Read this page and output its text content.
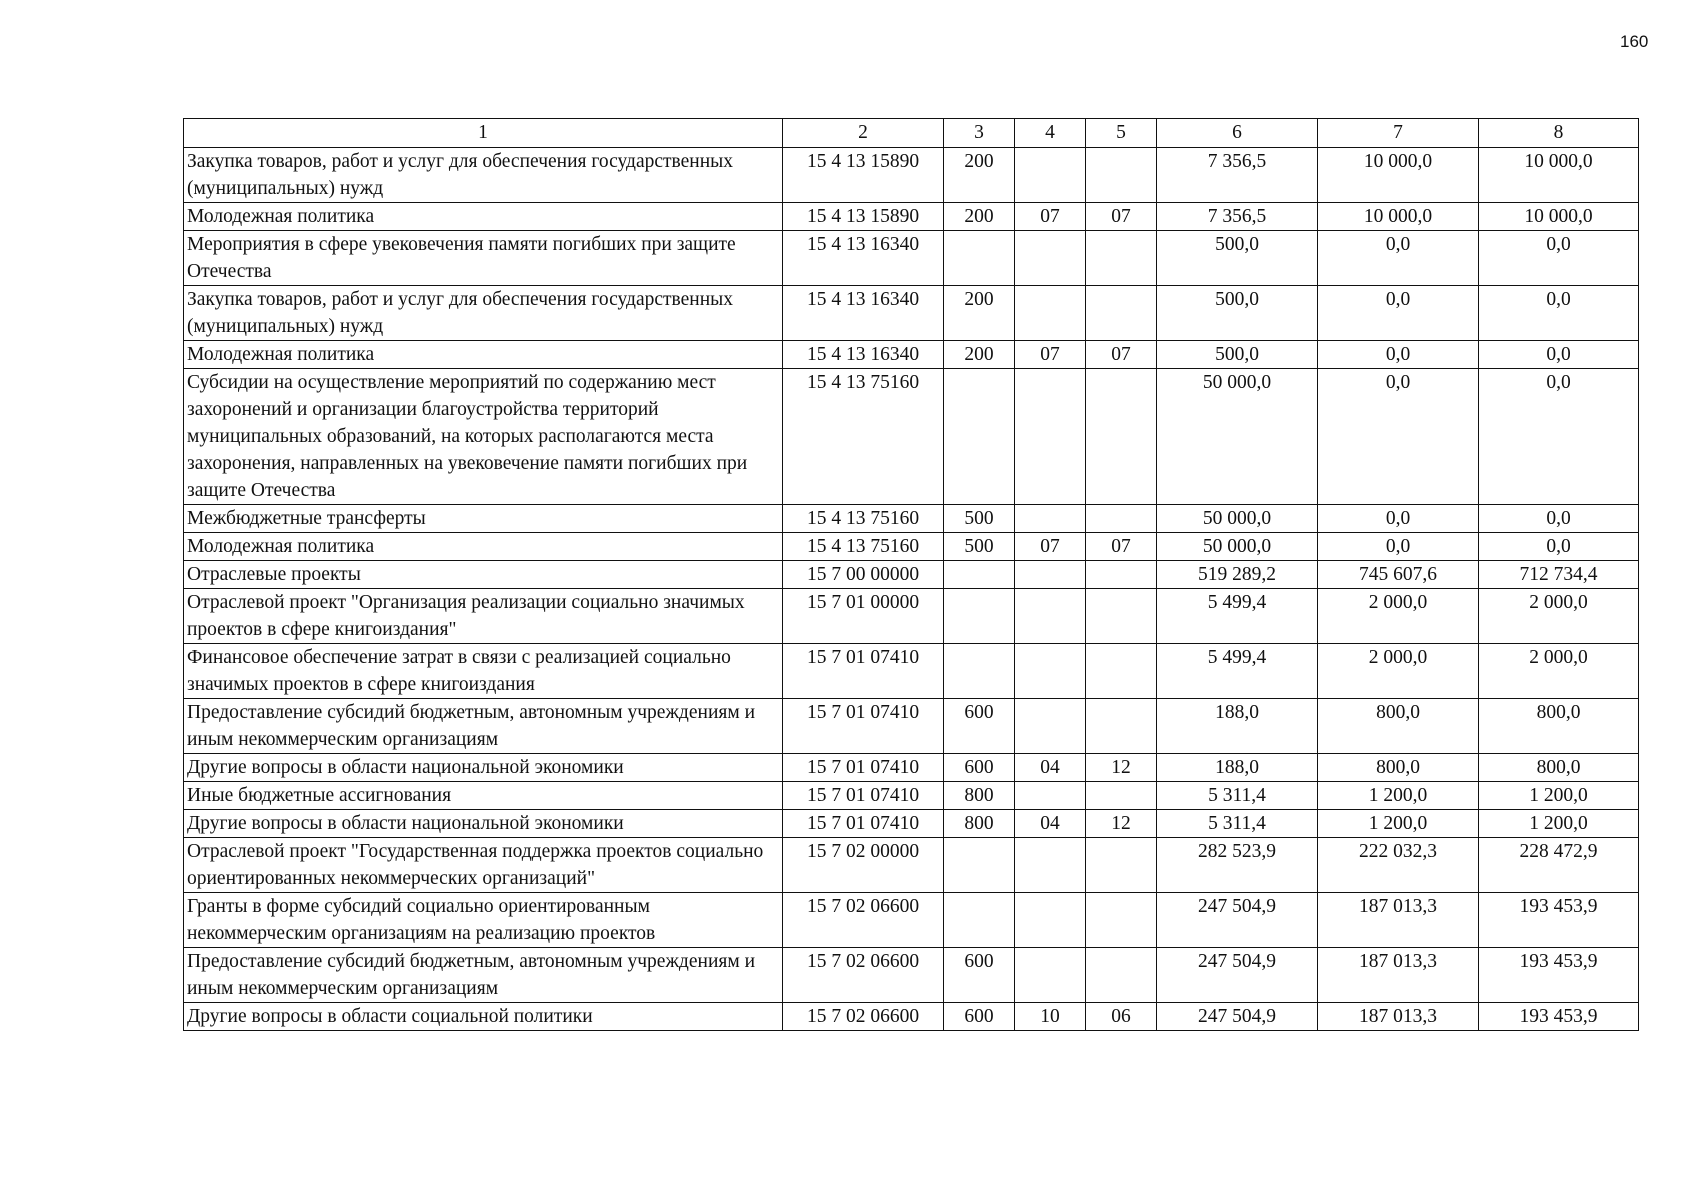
160
1	2	3	4	5	6	7	8
Закупка товаров, работ и услуг для обеспечения государственных (муниципальных) нужд	15 4 13 15890	200			7 356,5	10 000,0	10 000,0
Молодежная политика	15 4 13 15890	200	07	07	7 356,5	10 000,0	10 000,0
Мероприятия в сфере увековечения памяти погибших при защите Отечества	15 4 13 16340				500,0	0,0	0,0
Закупка товаров, работ и услуг для обеспечения государственных (муниципальных) нужд	15 4 13 16340	200			500,0	0,0	0,0
Молодежная политика	15 4 13 16340	200	07	07	500,0	0,0	0,0
Субсидии на осуществление мероприятий по содержанию мест захоронений и организации благоустройства территорий муниципальных образований, на которых располагаются места захоронения, направленных на увековечение памяти погибших при защите Отечества	15 4 13 75160				50 000,0	0,0	0,0
Межбюджетные трансферты	15 4 13 75160	500			50 000,0	0,0	0,0
Молодежная политика	15 4 13 75160	500	07	07	50 000,0	0,0	0,0
Отраслевые проекты	15 7 00 00000				519 289,2	745 607,6	712 734,4
Отраслевой проект "Организация реализации социально значимых проектов в сфере книгоиздания"	15 7 01 00000				5 499,4	2 000,0	2 000,0
Финансовое обеспечение затрат в связи с реализацией социально значимых проектов в сфере книгоиздания	15 7 01 07410				5 499,4	2 000,0	2 000,0
Предоставление субсидий бюджетным, автономным учреждениям и иным некоммерческим организациям	15 7 01 07410	600			188,0	800,0	800,0
Другие вопросы в области национальной экономики	15 7 01 07410	600	04	12	188,0	800,0	800,0
Иные бюджетные ассигнования	15 7 01 07410	800			5 311,4	1 200,0	1 200,0
Другие вопросы в области национальной экономики	15 7 01 07410	800	04	12	5 311,4	1 200,0	1 200,0
Отраслевой проект "Государственная поддержка проектов социально ориентированных некоммерческих организаций"	15 7 02 00000				282 523,9	222 032,3	228 472,9
Гранты в форме субсидий социально ориентированным некоммерческим организациям на реализацию проектов	15 7 02 06600				247 504,9	187 013,3	193 453,9
Предоставление субсидий бюджетным, автономным учреждениям и иным некоммерческим организациям	15 7 02 06600	600			247 504,9	187 013,3	193 453,9
Другие вопросы в области социальной политики	15 7 02 06600	600	10	06	247 504,9	187 013,3	193 453,9
